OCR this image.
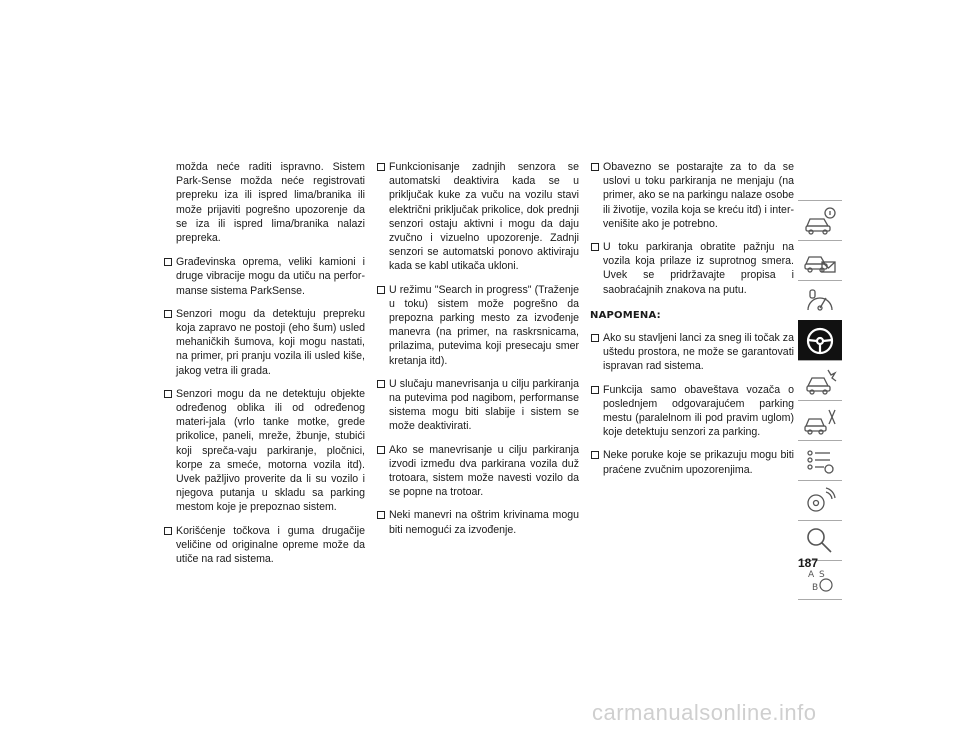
možda neće raditi ispravno. Sistem Park-Sense možda neće registrovati prepreku iza ili ispred lima/branika ili može prijaviti pogrešno upozorenje da se iza ili ispred lima/branika nalazi prepreka.

Građevinska oprema, veliki kamioni i druge vibracije mogu da utiču na perfor-manse sistema ParkSense.
Senzori mogu da detektuju prepreku koja zapravo ne postoji (eho šum) usled mehaničkih šumova, koji mogu nastati, na primer, pri pranju vozila ili usled kiše, jakog vetra ili grada.
Senzori mogu da ne detektuju objekte određenog oblika ili od određenog materi-jala (vrlo tanke motke, grede prikolice, paneli, mreže, žbunje, stubići koji spreča-vaju parkiranje, pločnici, korpe za smeće, motorna vozila itd). Uvek pažljivo proverite da li su vozilo i njegova putanja u skladu sa parking mestom koje je prepoznao sistem.
Korišćenje točkova i guma drugačije veličine od originalne opreme može da utiče na rad sistema.
Funkcionisanje zadnjih senzora se automatski deaktivira kada se u priključak kuke za vuču na vozilu stavi električni priključak prikolice, dok prednji senzori ostaju aktivni i mogu da daju zvučno i vizuelno upozorenje. Zadnji senzori se automatski ponovo aktiviraju kada se kabl utikača ukloni.
U režimu "Search in progress" (Traženje u toku) sistem može pogrešno da prepozna parking mesto za izvođenje manevra (na primer, na raskrsnicama, prilazima, putevima koji presecaju smer kretanja itd).
U slučaju manevrisanja u cilju parkiranja na putevima pod nagibom, performanse sistema mogu biti slabije i sistem se može deaktivirati.
Ako se manevrisanje u cilju parkiranja izvodi između dva parkirana vozila duž trotoara, sistem može navesti vozilo da se popne na trotoar.
Neki manevri na oštrim krivinama mogu biti nemogući za izvođenje.
Obavezno se postarajte za to da se uslovi u toku parkiranja ne menjaju (na primer, ako se na parkingu nalaze osobe ili životije, vozila koja se kreću itd) i inter-venišite ako je potrebno.
U toku parkiranja obratite pažnju na vozila koja prilaze iz suprotnog smera. Uvek se pridržavajte propisa i saobraćajnih znakova na putu.
NAPOMENA:
Ako su stavljeni lanci za sneg ili točak za uštedu prostora, ne može se garantovati ispravan rad sistema.
Funkcija samo obaveštava vozača o poslednjem odgovarajućem parking mestu (paralelnom ili pod pravim uglom) koje detektuju senzori za parking.
Neke poruke koje se prikazuju mogu biti praćene zvučnim upozorenjima.
A S
B
187
carmanualsonline.info
